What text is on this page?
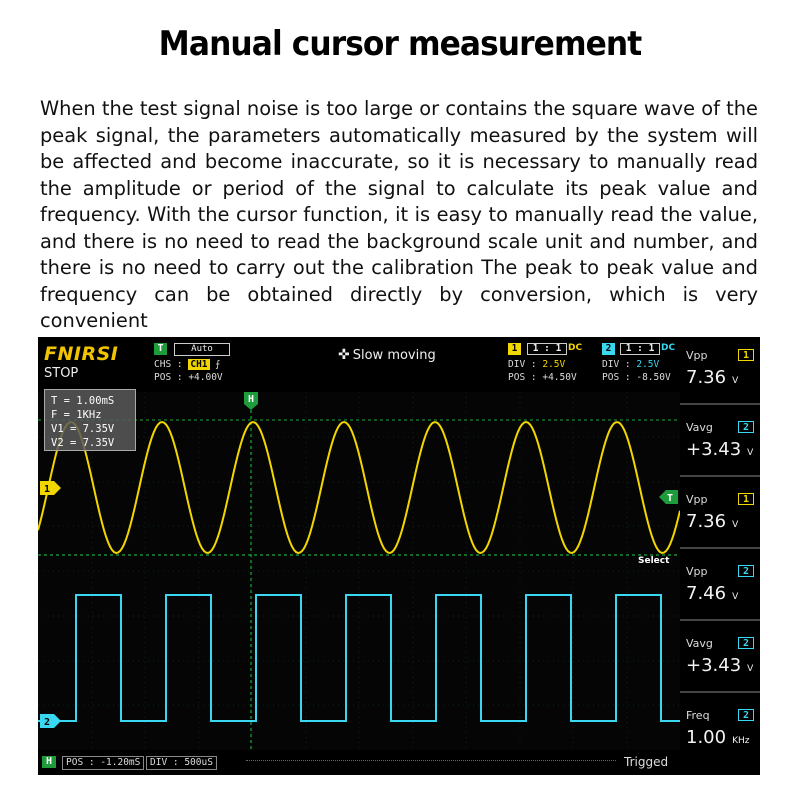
Manual cursor measurement
When the test signal noise is too large or contains the square wave of the peak signal, the parameters automatically measured by the system will be affected and become inaccurate, so it is necessary to manually read the amplitude or period of the signal to calculate its peak value and frequency. With the cursor function, it is easy to manually read the value, and there is no need to read the background scale unit and number, and there is no need to carry out the calibration The peak to peak value and frequency can be obtained directly by conversion, which is very convenient
FNIRSI
STOP
T	Auto
CHS : CH1 ⨍
POS : +4.00V
✜ Slow moving	1	1 : 1 DC
DIV : 2.5V
POS : +4.50V
2	1 : 1 DC
DIV : 2.5V
POS : -8.50V
H
1
2
T
T = 1.00mS
F = 1KHz
V1 = 7.35V
V2 = 7.35V
Select
Vpp	1
7.36 V
Vavg	2
+3.43 V
Vpp	1
7.36 V
Vpp	2
7.46 V
Vavg	2
+3.43 V
Freq	2
1.00 KHz
H	POS : -1.20mS	DIV : 500uS	Trigged
